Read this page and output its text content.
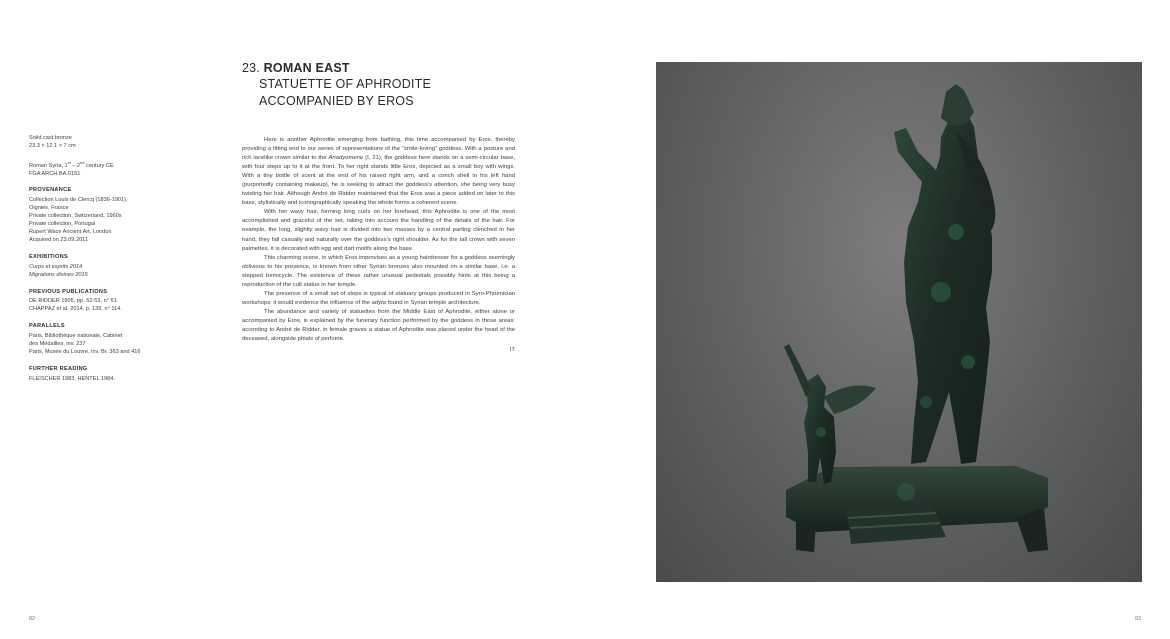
23. ROMAN EAST
STATUETTE OF APHRODITE
ACCOMPANIED BY EROS

Solid cast bronze

23.3 × 12.1 × 7 cm

Roman Syria, 1st – 2nd century CE

FGA ARCH.BA.0151

PROVENANCE

Collection Louis de Clercq (1836-1901),

Oignies, France

Private collection, Switzerland, 1960s

Private collection, Portugal

Rupert Wace Ancient Art, London

Acquired on 23.09.2011

EXHIBITIONS

Corps et esprits 2014

Migrations divines 2015

PREVIOUS PUBLICATIONS

DE RIDDER 1905, pp. 52-53, n° 61.

CHAPPAZ et al. 2014, p. 139, n° 114.

PARALLELS

Paris, Bibliothèque nationale, Cabinet

des Médailles, inv. 237

Paris, Musée du Louvre, inv. Br. 363 and 416

FURTHER READING

FLEISCHER 1983, HENTEL 1984.

Here is another Aphrodite emerging from bathing, this time accompanied by Eros, thereby providing a fitting end to our series of representations of the “smile-loving” goddess. With a posture and rich lacelike crown similar to the Anadyomene (I, 21), the goddess here stands on a semi-circular base, with four steps up to it at the front. To her right stands little Eros, depicted as a small boy with wings. With a tiny bottle of scent at the end of his raised right arm, and a conch shell in his left hand (purportedly containing makeup), he is seeking to attract the goddess’s attention, she being very busy twisting her hair. Although André de Ridder maintained that the Eros was a piece added on later to this base, stylistically and iconographically speaking the whole forms a coherent scene.

With her wavy hair, forming long curls on her forehead, this Aphrodite is one of the most accomplished and graceful of the set, taking into account the handling of the details of the hair. For example, the long, slightly wavy hair is divided into two masses by a central parting clenched in her hand, they fall casually and naturally over the goddess’s right shoulder. As for the tall crown with seven palmettes, it is decorated with egg and dart motifs along the base.

This charming scene, in which Eros improvises as a young hairdresser for a goddess seemingly oblivious to his presence, is known from other Syrian bronzes also mounted on a similar base, i.e. a stepped hemicycle. The existence of these rather unusual pedestals possibly hints at this being a reproduction of the cult statue in her temple.

The presence of a small set of steps is typical of statuary groups produced in Syro-Phoenician workshops: it would evidence the influence of the adyta found in Syrian temple architecture.

The abundance and variety of statuettes from the Middle East of Aphrodite, either alone or accompanied by Eros, is explained by the funerary function performed by the goddess in those areas: according to André de Ridder, in female graves a statue of Aphrodite was placed under the head of the deceased, alongside phials of perfume.

IT

82	83
